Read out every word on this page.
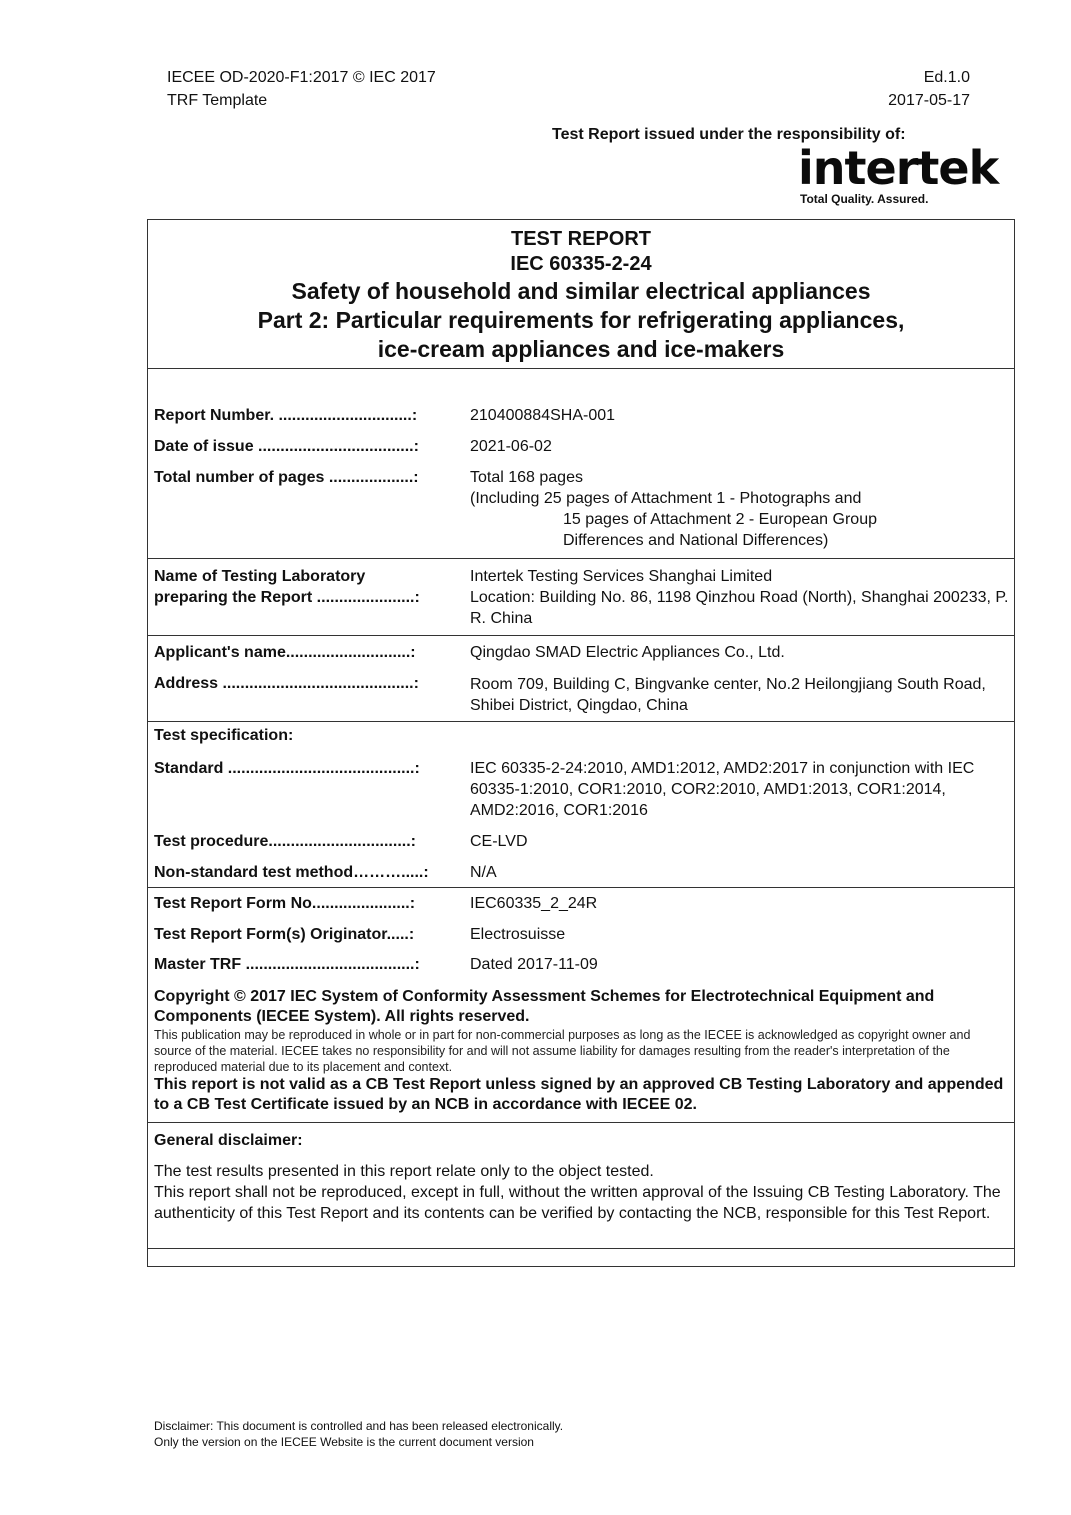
IECEE OD-2020-F1:2017 © IEC 2017
TRF Template
Ed.1.0
2017-05-17
Test Report issued under the responsibility of:
intertek
Total Quality. Assured.
TEST REPORT
IEC 60335-2-24
Safety of household and similar electrical appliances
Part 2: Particular requirements for refrigerating appliances,
ice-cream appliances and ice-makers
Report Number. ..............................:	210400884SHA-001
Date of issue ...................................:	2021-06-02
Total number of pages ...................:	Total 168 pages
(Including 25 pages of Attachment 1 - Photographs and
15 pages of Attachment 2 - European Group
Differences and National Differences)
Name of Testing Laboratory
preparing the Report ......................:
Intertek Testing Services Shanghai Limited
Location: Building No. 86, 1198 Qinzhou Road (North), Shanghai 200233, P. R. China
Applicant's name............................:	Qingdao SMAD Electric Appliances Co., Ltd.
Address ...........................................:	Room 709, Building C, Bingvanke center, No.2 Heilongjiang South Road, Shibei District, Qingdao, China
Test specification:
Standard ..........................................:	IEC 60335-2-24:2010, AMD1:2012, AMD2:2017 in conjunction with IEC 60335-1:2010, COR1:2010, COR2:2010, AMD1:2013, COR1:2014, AMD2:2016, COR1:2016
Test procedure................................:	CE-LVD
Non-standard test method……….....:	N/A
Test Report Form No......................:	IEC60335_2_24R
Test Report Form(s) Originator.....:	Electrosuisse
Master TRF ......................................:	Dated 2017-11-09
Copyright © 2017 IEC System of Conformity Assessment Schemes for Electrotechnical Equipment and Components (IECEE System). All rights reserved.
This publication may be reproduced in whole or in part for non-commercial purposes as long as the IECEE is acknowledged as copyright owner and source of the material. IECEE takes no responsibility for and will not assume liability for damages resulting from the reader's interpretation of the reproduced material due to its placement and context.
This report is not valid as a CB Test Report unless signed by an approved CB Testing Laboratory and appended to a CB Test Certificate issued by an NCB in accordance with IECEE 02.
General disclaimer:
The test results presented in this report relate only to the object tested.
This report shall not be reproduced, except in full, without the written approval of the Issuing CB Testing Laboratory. The authenticity of this Test Report and its contents can be verified by contacting the NCB, responsible for this Test Report.
Disclaimer: This document is controlled and has been released electronically.
Only the version on the IECEE Website is the current document version
